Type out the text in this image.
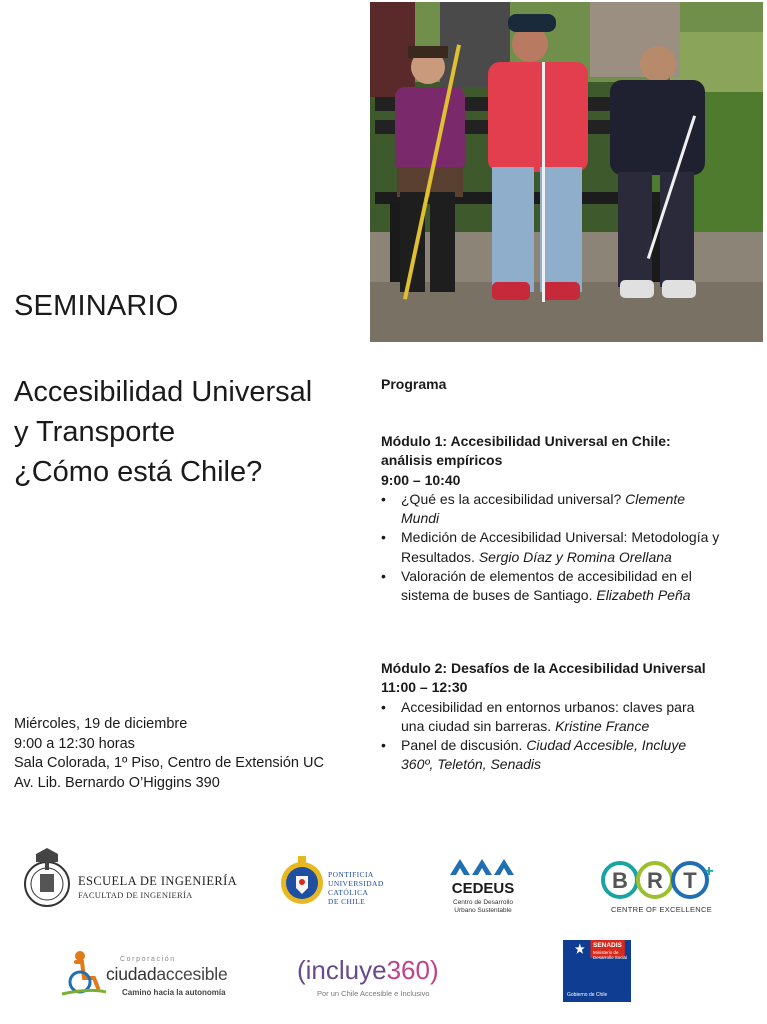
SEMINARIO
Accesibilidad Universal
y Transporte
¿Cómo está Chile?
Miércoles, 19 de diciembre
9:00 a 12:30 horas
Sala Colorada, 1º Piso, Centro de Extensión UC
Av. Lib. Bernardo O’Higgins 390
Programa
Módulo 1: Accesibilidad Universal en Chile: análisis empíricos
9:00 – 10:40
• ¿Qué es la accesibilidad universal? Clemente Mundi
• Medición de Accesibilidad Universal: Metodología y Resultados. Sergio Díaz y Romina Orellana
• Valoración de elementos de accesibilidad en el sistema de buses de Santiago. Elizabeth Peña
Módulo 2: Desafíos de la Accesibilidad Universal
11:00 – 12:30
• Accesibilidad en entornos urbanos: claves para una ciudad sin barreras. Kristine France
• Panel de discusión. Ciudad Accesible, Incluye 360º, Teletón, Senadis
ESCUELA DE INGENIERÍA
FACULTAD DE INGENIERÍA
PONTIFICIA
UNIVERSIDAD
CATÓLICA
DE CHILE
CEDEUS
Centro de Desarrollo
Urbano Sustentable
B R T +
CENTRE OF EXCELLENCE
Corporación
ciudadaccesible
Camino hacia la autonomía
(incluye360)
Por un Chile Accesible e Inclusivo
SENADIS
Ministerio de
Desarrollo Social
Gobierno de Chile
